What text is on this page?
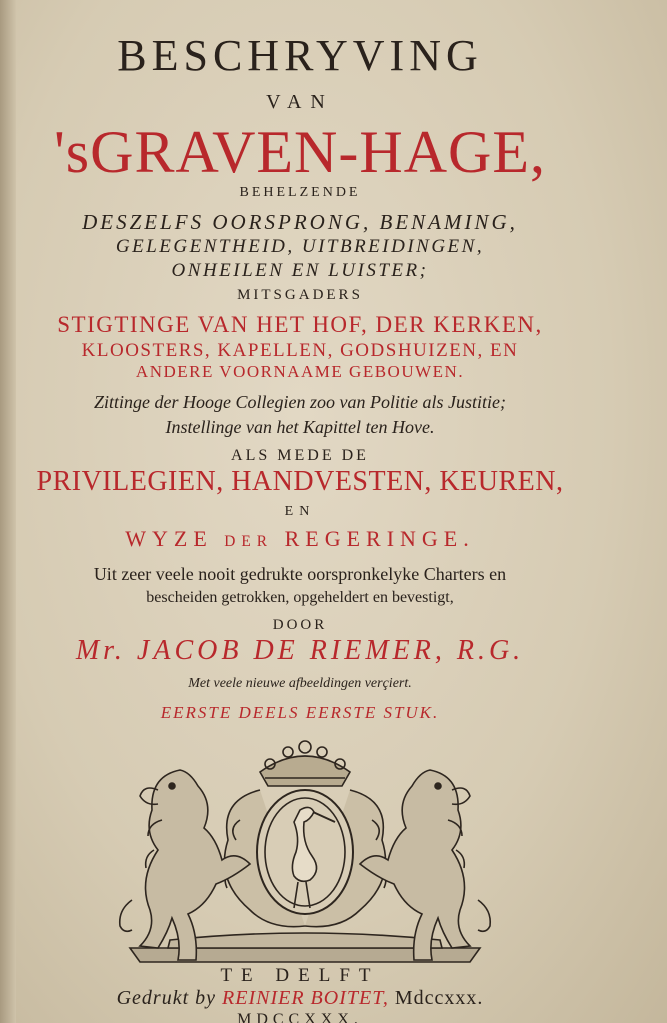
BESCHRYVING
VAN
'sGRAVEN-HAGE,
BEHELZENDE
DESZELFS OORSPRONG, BENAMING,
GELEGENTHEID, UITBREIDINGEN,
ONHEILEN EN LUISTER;
MITSGADERS
STIGTINGE VAN HET HOF, DER KERKEN,
KLOOSTERS, KAPELLEN, GODSHUIZEN, EN
ANDERE VOORNAAME GEBOUWEN.
Zittinge der Hooge Collegien zoo van Politie als Justitie;
Instellinge van het Kapittel ten Hove.
ALS MEDE DE
PRIVILEGIEN, HANDVESTEN, KEUREN,
EN
WYZE DER REGERINGE.
Uit zeer veele nooit gedrukte oorspronkelyke Charters en
bescheiden getrokken, opgeheldert en bevestigt,
DOOR
Mr. JACOB DE RIEMER, R.G.
Met veele nieuwe afbeeldingen verçiert.
EERSTE DEELS EERSTE STUK.
TE DELFT
Gedrukt by REINIER BOITET, Mdccxxx.
MDCCXXX.
